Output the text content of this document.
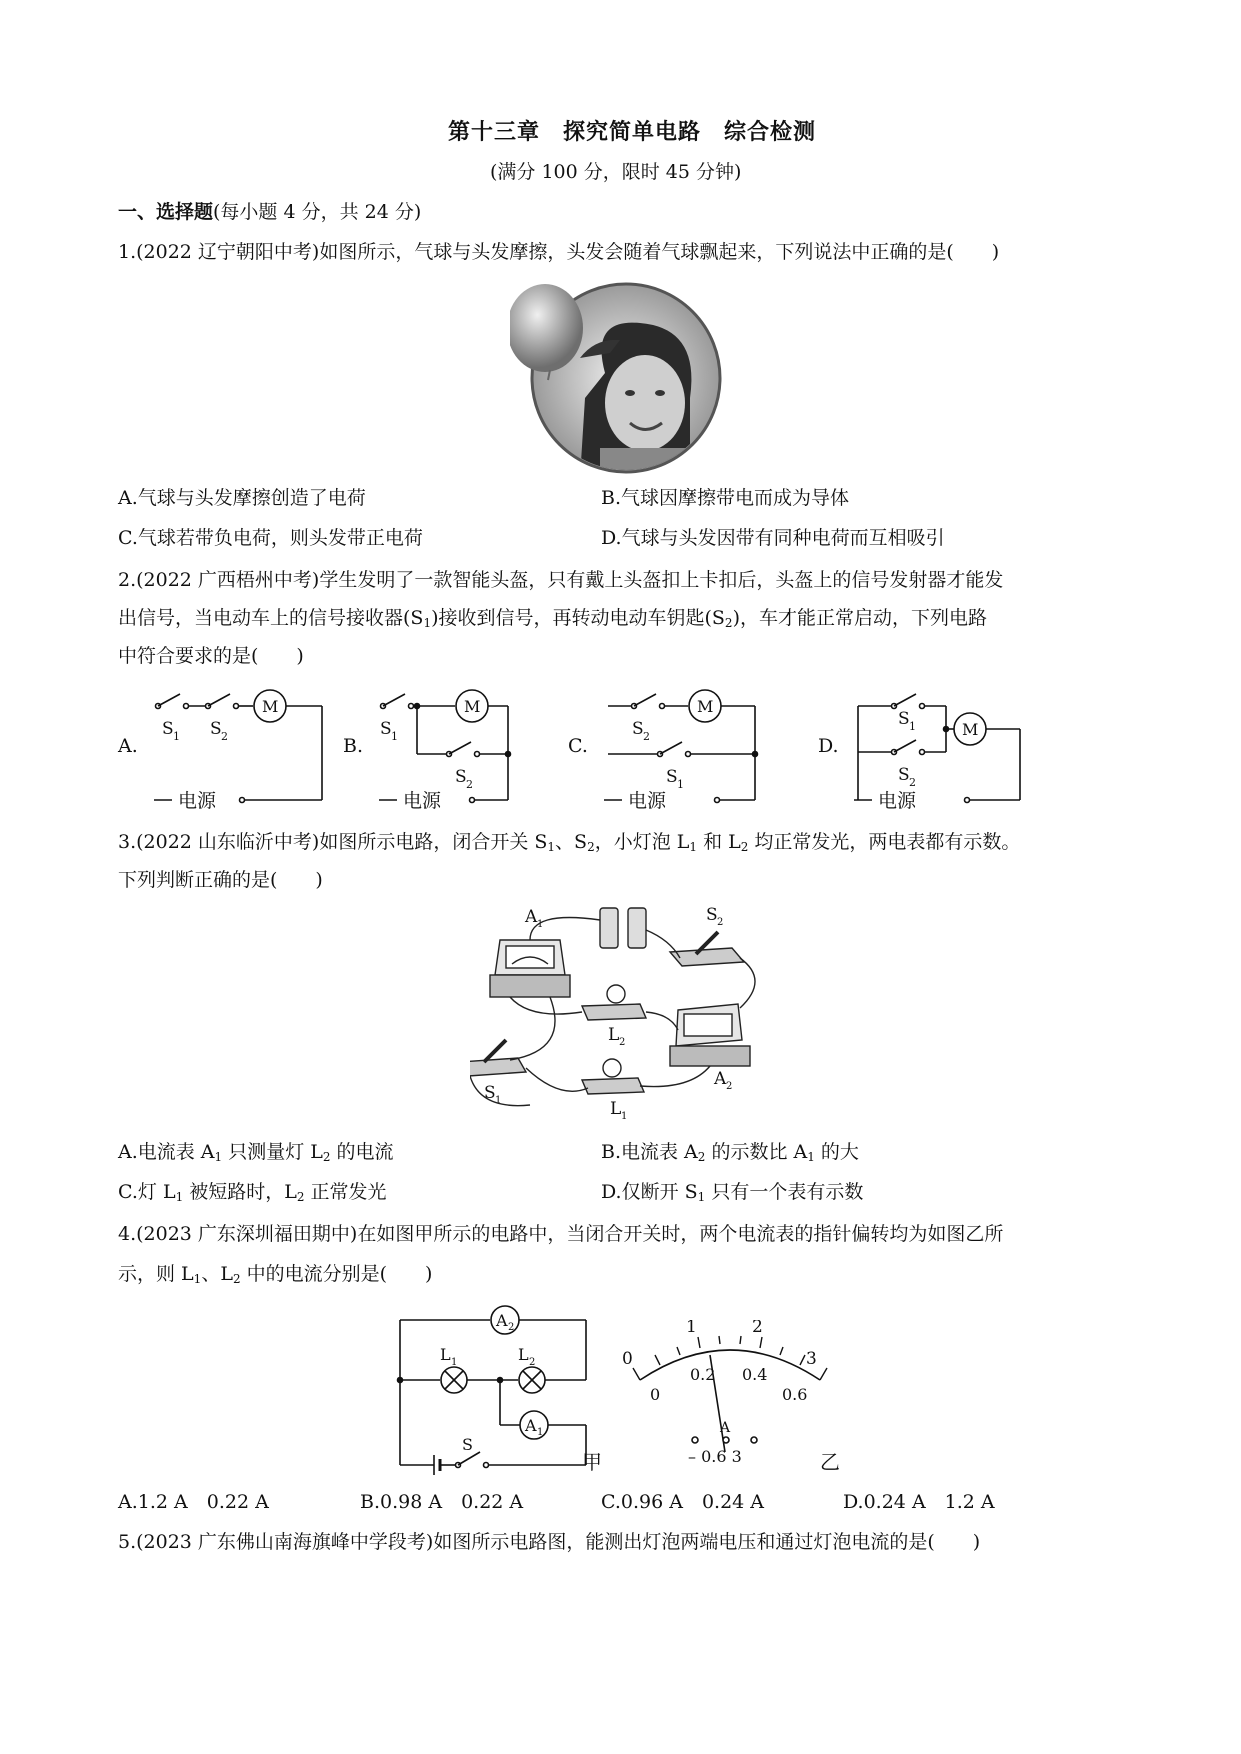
第十三章　探究简单电路　综合检测
(满分 100 分，限时 45 分钟)
一、选择题(每小题 4 分，共 24 分)
1.(2022 辽宁朝阳中考)如图所示，气球与头发摩擦，头发会随着气球飘起来，下列说法中正确的是(　　)
A.气球与头发摩擦创造了电荷	B.气球因摩擦带电而成为导体
C.气球若带负电荷，则头发带正电荷	D.气球与头发因带有同种电荷而互相吸引
2.(2022 广西梧州中考)学生发明了一款智能头盔，只有戴上头盔扣上卡扣后，头盔上的信号发射器才能发
出信号，当电动车上的信号接收器$(S_1)$接收到信号，再转动电动车钥匙$(S_2)$，车才能正常启动，下列电路
中符合要求的是(　　)
A.
M
电源
S 1 S 2	B.
M
电源
S 1
S 2
C.
M
电源
S 2
S 1
D.
M
电源
S 1
S 2
3.(2022 山东临沂中考)如图所示电路，闭合开关 $S_1$、$S_2$，小灯泡 $L_1$ 和 $L_2$ 均正常发光，两电表都有示数。
下列判断正确的是(　　)
A 1	S 2
L 2
A 2
S 1	L 1
A.电流表 $A_1$ 只测量灯 $L_2$ 的电流	B.电流表 $A_2$ 的示数比 $A_1$ 的大
C.灯 $L_1$ 被短路时，$L_2$ 正常发光	D.仅断开 $S_1$ 只有一个表有示数
4.(2023 广东深圳福田期中)在如图甲所示的电路中，当闭合开关时，两个电流表的指针偏转均为如图乙所
示，则 $L_1$、$L_2$ 中的电流分别是(　　)
A 2
L 1	L 2
A 1
S
甲
0
1	2
3
0
0.2 0.4
0.6
A
– 0.6 3	乙
A.1.2 A　0.22 A	B.0.98 A　0.22 A	C.0.96 A　0.24 A	D.0.24 A　1.2 A
5.(2023 广东佛山南海旗峰中学段考)如图所示电路图，能测出灯泡两端电压和通过灯泡电流的是(　　)
